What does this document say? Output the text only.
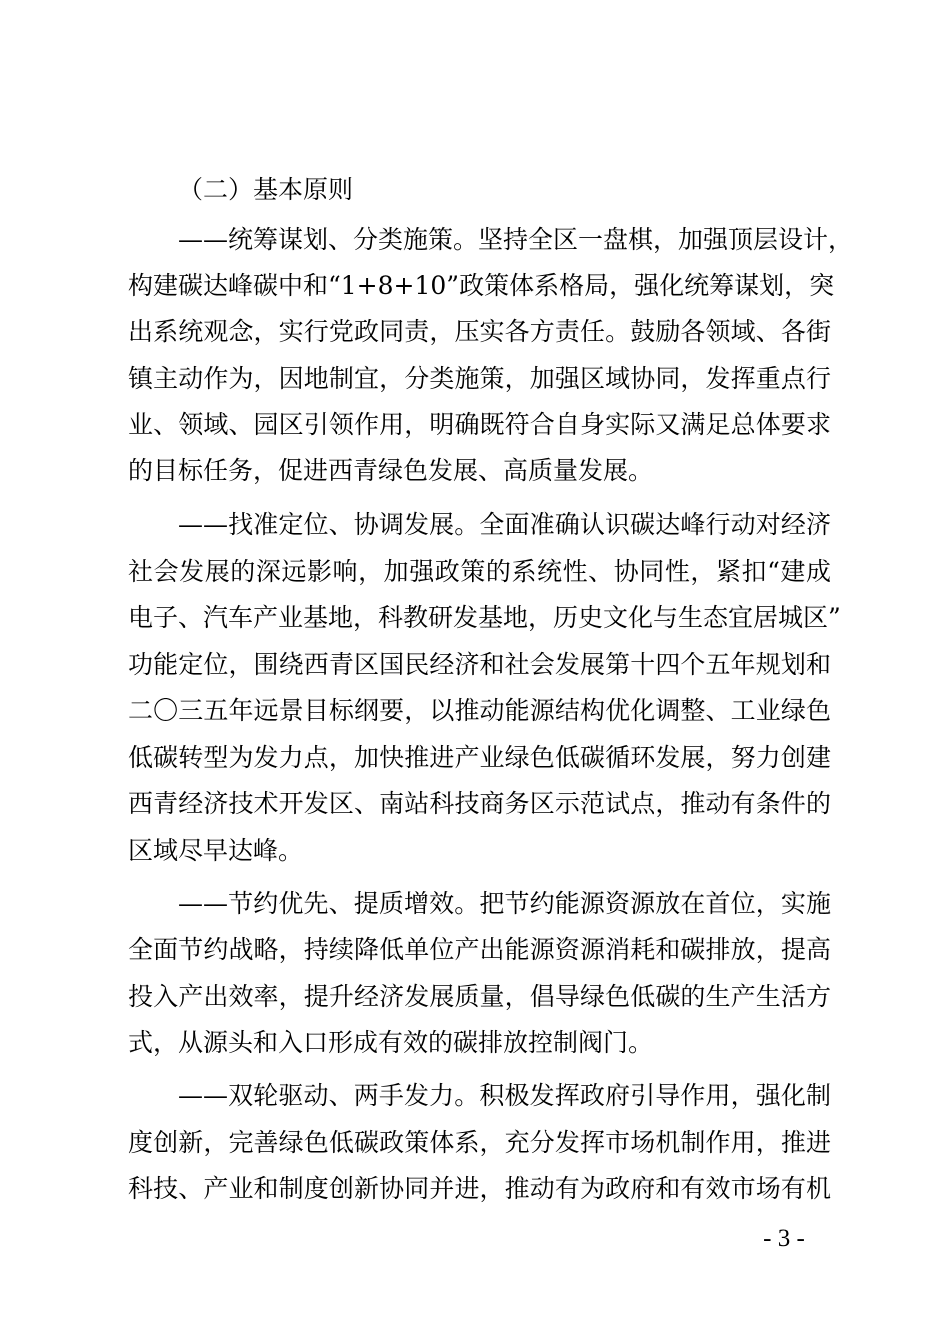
（二）基本原则
——统筹谋划、分类施策。坚持全区一盘棋，加强顶层设计，
构建碳达峰碳中和“1+8+10”政策体系格局，强化统筹谋划，突
出系统观念，实行党政同责，压实各方责任。鼓励各领域、各街
镇主动作为，因地制宜，分类施策，加强区域协同，发挥重点行
业、领域、园区引领作用，明确既符合自身实际又满足总体要求
的目标任务，促进西青绿色发展、高质量发展。
——找准定位、协调发展。全面准确认识碳达峰行动对经济
社会发展的深远影响，加强政策的系统性、协同性，紧扣“建成
电子、汽车产业基地，科教研发基地，历史文化与生态宜居城区”
功能定位，围绕西青区国民经济和社会发展第十四个五年规划和
二〇三五年远景目标纲要，以推动能源结构优化调整、工业绿色
低碳转型为发力点，加快推进产业绿色低碳循环发展，努力创建
西青经济技术开发区、南站科技商务区示范试点，推动有条件的
区域尽早达峰。
——节约优先、提质增效。把节约能源资源放在首位，实施
全面节约战略，持续降低单位产出能源资源消耗和碳排放，提高
投入产出效率，提升经济发展质量，倡导绿色低碳的生产生活方
式，从源头和入口形成有效的碳排放控制阀门。
——双轮驱动、两手发力。积极发挥政府引导作用，强化制
度创新，完善绿色低碳政策体系，充分发挥市场机制作用，推进
科技、产业和制度创新协同并进，推动有为政府和有效市场有机
- 3 -
